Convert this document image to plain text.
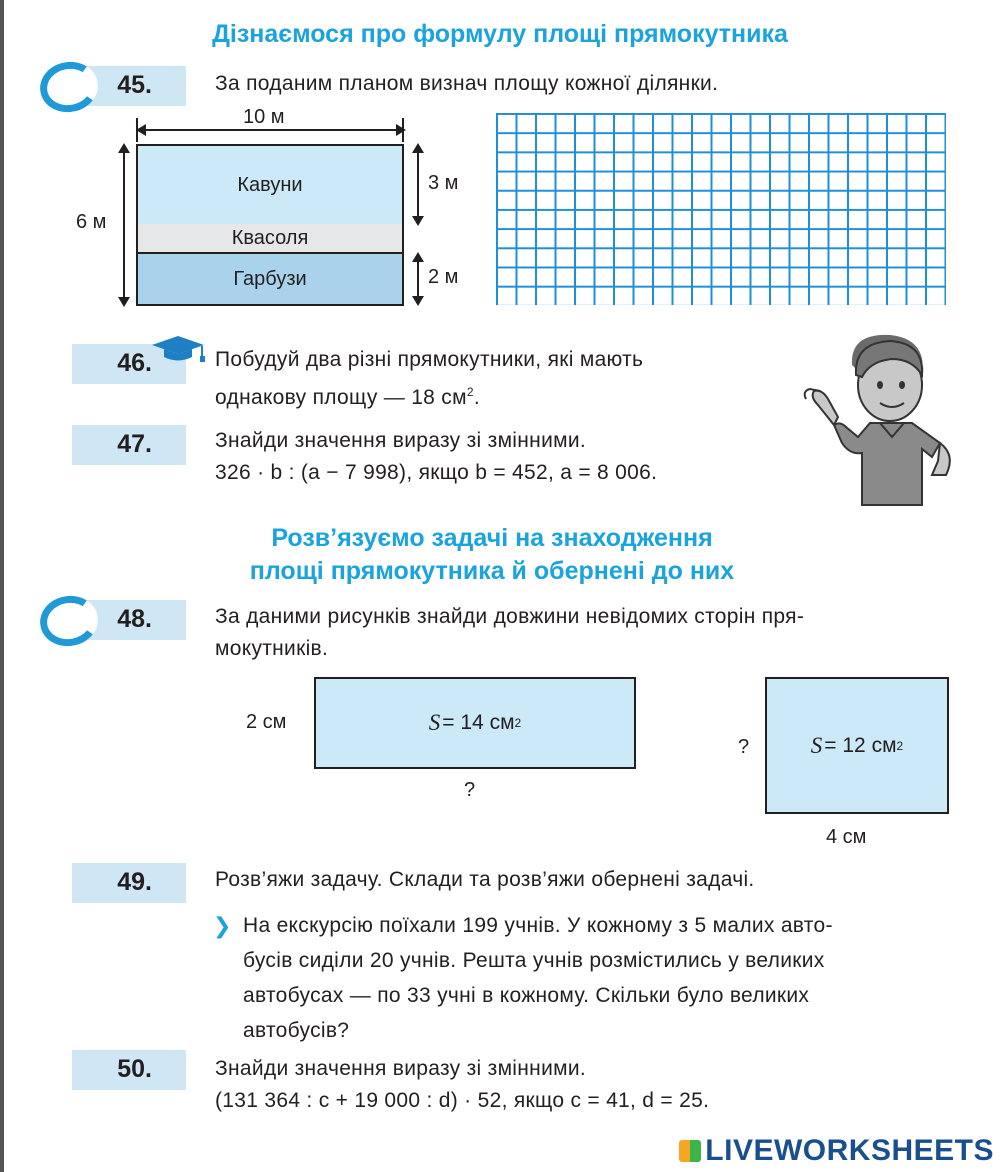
Дізнаємося про формулу площі прямокутника
45.	За поданим планом визнач площу кожної ділянки.
10 м
Кавуни
Квасоля
Гарбузи
6 м
3 м
2 м
46.	Побудуй два різні прямокутники, які мають
однакову площу — 18 $см^2$.
47.	Знайди значення виразу зі змінними.
326 · b : (a − 7 998), якщо b = 452, a = 8 006.
Розв’язуємо задачі на знаходження
площі прямокутника й обернені до них
48.	За даними рисунків знайди довжини невідомих сторін пря-
мокутників.
2 см	S = 14 см 2
?
?	S = 12 см 2
4 см
49.	Розв’яжи задачу. Склади та розв’яжи обернені задачі.
❯ На екскурсію поїхали 199 учнів. У кожному з 5 малих авто-
бусів сиділи 20 учнів. Решта учнів розмістились у великих
автобусах — по 33 учні в кожному. Скільки було великих
автобусів?
50.	Знайди значення виразу зі змінними.
(131 364 : c + 19 000 : d) · 52, якщо c = 41, d = 25.
LIVEWORKSHEETS
